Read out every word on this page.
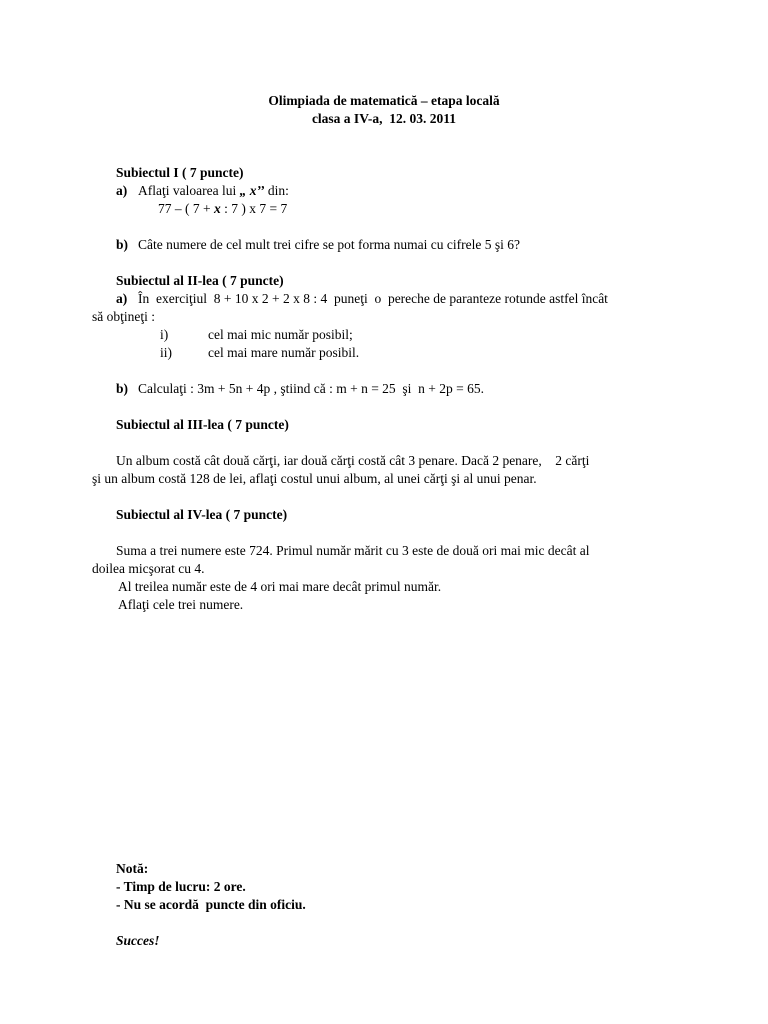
Olimpiada de matematică – etapa locală
clasa a IV-a,  12. 03. 2011
Subiectul I ( 7 puncte)
a) Aflaţi valoarea lui „ x’’ din:
77 – ( 7 + x : 7 ) x 7 = 7
b) Câte numere de cel mult trei cifre se pot forma numai cu cifrele 5 şi 6?
Subiectul al II-lea ( 7 puncte)
a) În  exerciţiul  8 + 10 x 2 + 2 x 8 : 4  puneţi  o  pereche de paranteze rotunde astfel încât
să obţineţi :
i)	cel mai mic număr posibil;
ii)	cel mai mare număr posibil.
b) Calculaţi : 3m + 5n + 4p , ştiind că : m + n = 25  şi  n + 2p = 65.
Subiectul al III-lea ( 7 puncte)
Un album costă cât două cărţi, iar două cărţi costă cât 3 penare. Dacă 2 penare,    2 cărţi
şi un album costă 128 de lei, aflaţi costul unui album, al unei cărţi şi al unui penar.
Subiectul al IV-lea ( 7 puncte)
Suma a trei numere este 724. Primul număr mărit cu 3 este de două ori mai mic decât al
doilea micşorat cu 4.
Al treilea număr este de 4 ori mai mare decât primul număr.
Aflaţi cele trei numere.
Notă:
- Timp de lucru: 2 ore.
- Nu se acordă  puncte din oficiu.
Succes!
